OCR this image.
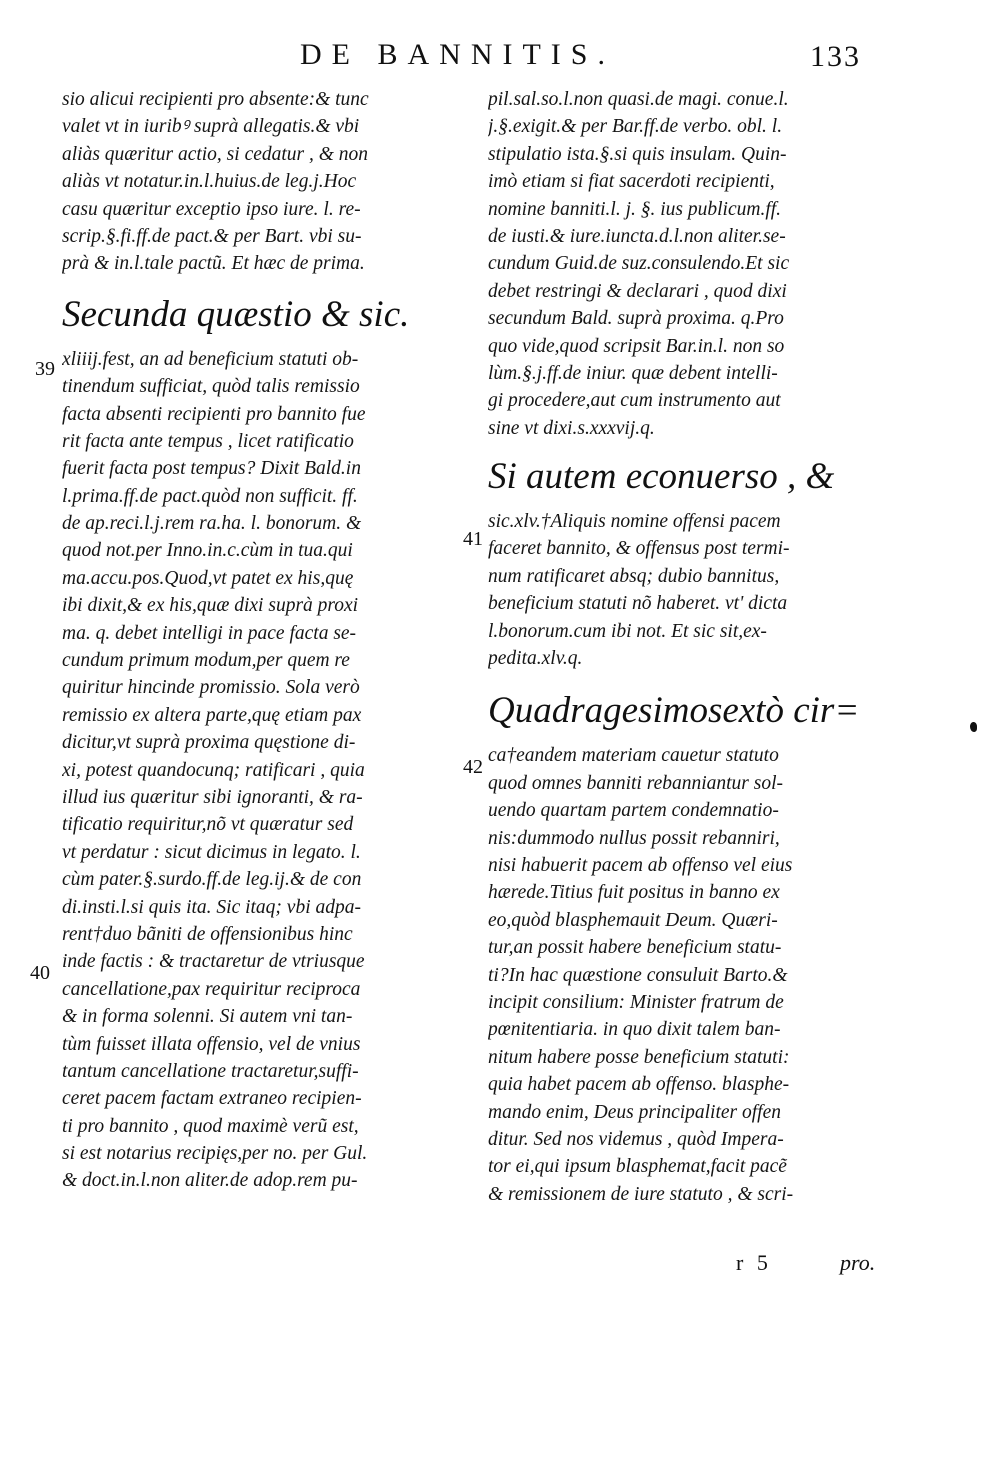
DE BANNITIS.	133
39
40
41
42
sio alicui recipienti pro absente:& tunc
valet vt in iuribꝰ suprà allegatis.& vbi
aliàs quæritur actio, si cedatur , & non
aliàs vt notatur.in.l.huius.de leg.j.Hoc
casu quæritur exceptio ipso iure. l. re-
scrip.§.fi.ff.de pact.& per Bart. vbi su-
prà & in.l.tale pactũ. Et hæc de prima.
Secunda quæstio & sic.
xliiij.fest, an ad beneficium statuti ob-
tinendum sufficiat, quòd talis remissio
facta absenti recipienti pro bannito fue
rit facta ante tempus , licet ratificatio
fuerit facta post tempus? Dixit Bald.in
l.prima.ff.de pact.quòd non sufficit. ff.
de ap.reci.l.j.rem ra.ha. l. bonorum. &
quod not.per Inno.in.c.cùm in tua.qui
ma.accu.pos.Quod,vt patet ex his,quę
ibi dixit,& ex his,quæ dixi suprà proxi
ma. q. debet intelligi in pace facta se-
cundum primum modum,per quem re
quiritur hincinde promissio. Sola verò
remissio ex altera parte,quę etiam pax
dicitur,vt suprà proxima quęstione di-
xi, potest quandocunq; ratificari , quia
illud ius quæritur sibi ignoranti, & ra-
tificatio requiritur,nõ vt quæratur sed
vt perdatur : sicut dicimus in legato. l.
cùm pater.§.surdo.ff.de leg.ij.& de con
di.insti.l.si quis ita. Sic itaq; vbi adpa-
rent†duo bãniti de offensionibus hinc
inde factis : & tractaretur de vtriusque
cancellatione,pax requiritur reciproca
& in forma solenni. Si autem vni tan-
tùm fuisset illata offensio, vel de vnius
tantum cancellatione tractaretur,suffi-
ceret pacem factam extraneo recipien-
ti pro bannito , quod maximè verũ est,
si est notarius recipięs,per no. per Gul.
& doct.in.l.non aliter.de adop.rem pu-
pil.sal.so.l.non quasi.de magi. conue.l.
j.§.exigit.& per Bar.ff.de verbo. obl. l.
stipulatio ista.§.si quis insulam. Quin-
imò etiam si fiat sacerdoti recipienti,
nomine banniti.l. j. §. ius publicum.ff.
de iusti.& iure.iuncta.d.l.non aliter.se-
cundum Guid.de suz.consulendo.Et sic
debet restringi & declarari , quod dixi
secundum Bald. suprà proxima. q.Pro
quo vide,quod scripsit Bar.in.l. non so
lùm.§.j.ff.de iniur. quæ debent intelli-
gi procedere,aut cum instrumento aut
sine vt dixi.s.xxxvij.q.
Si autem econuerso , &
sic.xlv.†Aliquis nomine offensi pacem
faceret bannito, & offensus post termi-
num ratificaret absq; dubio bannitus,
beneficium statuti nõ haberet. vt' dicta
l.bonorum.cum ibi not. Et sic sit,ex-
pedita.xlv.q.
Quadragesimosextò cir=
ca†eandem materiam cauetur statuto
quod omnes banniti rebanniantur sol-
uendo quartam partem condemnatio-
nis:dummodo nullus possit rebanniri,
nisi habuerit pacem ab offenso vel eius
hærede.Titius fuit positus in banno ex
eo,quòd blasphemauit Deum. Quæri-
tur,an possit habere beneficium statu-
ti?In hac quæstione consuluit Barto.&
incipit consilium: Minister fratrum de
pœnitentiaria. in quo dixit talem ban-
nitum habere posse beneficium statuti:
quia habet pacem ab offenso. blasphe-
mando enim, Deus principaliter offen
ditur. Sed nos videmus , quòd Impera-
tor ei,qui ipsum blasphemat,facit pacẽ
& remissionem de iure statuto , & scri-
r 5	pro.
